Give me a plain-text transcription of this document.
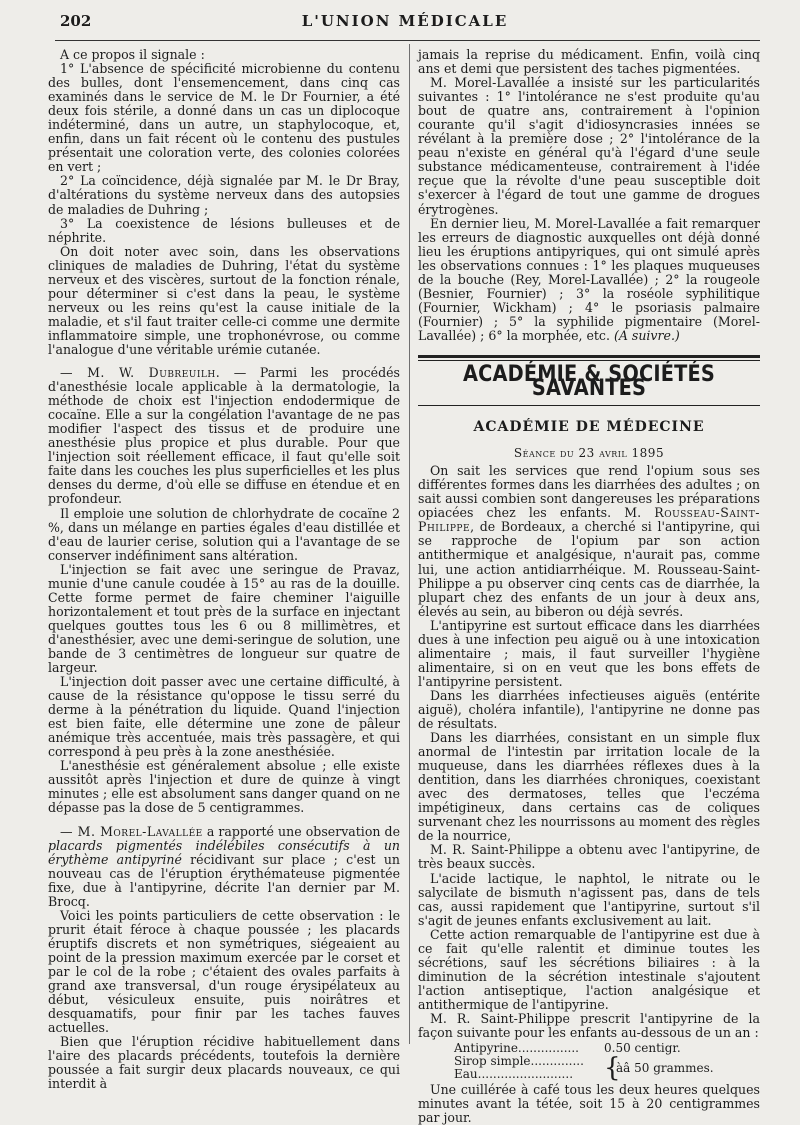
202	L'UNION MÉDICALE

A ce propos il signale :

1° L'absence de spécificité microbienne du contenu des bulles, dont l'ensemencement, dans cinq cas examinés dans le service de M. le Dr Fournier, a été deux fois stérile, a donné dans un cas un diplocoque indéterminé, dans un autre, un staphylocoque, et, enfin, dans un fait récent où le contenu des pustules présentait une coloration verte, des colonies colorées en vert ;

2° La coïncidence, déjà signalée par M. le Dr Bray, d'altérations du système nerveux dans des autopsies de maladies de Duhring ;

3° La coexistence de lésions bulleuses et de néphrite.

On doit noter avec soin, dans les observations cliniques de maladies de Duhring, l'état du système nerveux et des viscères, surtout de la fonction rénale, pour déterminer si c'est dans la peau, le système nerveux ou les reins qu'est la cause initiale de la maladie, et s'il faut traiter celle-ci comme une dermite inflammatoire simple, une trophonévrose, ou comme l'analogue d'une véritable urémie cutanée.

— M. W. Dubreuilh. — Parmi les procédés d'anesthésie locale applicable à la dermatologie, la méthode de choix est l'injection endodermique de cocaïne. Elle a sur la congélation l'avantage de ne pas modifier l'aspect des tissus et de produire une anesthésie plus propice et plus durable. Pour que l'injection soit réellement efficace, il faut qu'elle soit faite dans les couches les plus superficielles et les plus denses du derme, d'où elle se diffuse en étendue et en profondeur.

Il emploie une solution de chlorhydrate de cocaïne 2 %, dans un mélange en parties égales d'eau distillée et d'eau de laurier cerise, solution qui a l'avantage de se conserver indéfiniment sans altération.

L'injection se fait avec une seringue de Pravaz, munie d'une canule coudée à 15° au ras de la douille. Cette forme permet de faire cheminer l'aiguille horizontalement et tout près de la surface en injectant quelques gouttes tous les 6 ou 8 millimètres, et d'anesthésier, avec une demi-seringue de solution, une bande de 3 centimètres de longueur sur quatre de largeur.

L'injection doit passer avec une certaine difficulté, à cause de la résistance qu'oppose le tissu serré du derme à la pénétration du liquide. Quand l'injection est bien faite, elle détermine une zone de pâleur anémique très accentuée, mais très passagère, et qui correspond à peu près à la zone anesthésiée.

L'anesthésie est généralement absolue ; elle existe aussitôt après l'injection et dure de quinze à vingt minutes ; elle est absolument sans danger quand on ne dépasse pas la dose de 5 centigrammes.

— M. Morel-Lavallée a rapporté une observation de placards pigmentés indélébiles consécutifs à un érythème antipyriné récidivant sur place ; c'est un nouveau cas de l'éruption érythémateuse pigmentée fixe, due à l'antipyrine, décrite l'an dernier par M. Brocq.

Voici les points particuliers de cette observation : le prurit était féroce à chaque poussée ; les placards éruptifs discrets et non symétriques, siégeaient au point de la pression maximum exercée par le corset et par le col de la robe ; c'étaient des ovales parfaits à grand axe transversal, d'un rouge érysipélateux au début, vésiculeux ensuite, puis noirâtres et desquamatifs, pour finir par les taches fauves actuelles.

Bien que l'éruption récidive habituellement dans l'aire des placards précédents, toutefois la dernière poussée a fait surgir deux placards nouveaux, ce qui interdit à

jamais la reprise du médicament. Enfin, voilà cinq ans et demi que persistent des taches pigmentées.

M. Morel-Lavallée a insisté sur les particularités suivantes : 1° l'intolérance ne s'est produite qu'au bout de quatre ans, contrairement à l'opinion courante qu'il s'agit d'idiosyncrasies innées se révélant à la première dose ; 2° l'intolérance de la peau n'existe en général qu'à l'égard d'une seule substance médicamenteuse, contrairement à l'idée reçue que la révolte d'une peau susceptible doit s'exercer à l'égard de tout une gamme de drogues érytrogènes.

En dernier lieu, M. Morel-Lavallée a fait remarquer les erreurs de diagnostic auxquelles ont déjà donné lieu les éruptions antipyriques, qui ont simulé après les observations connues : 1° les plaques muqueuses de la bouche (Rey, Morel-Lavallée) ; 2° la rougeole (Besnier, Fournier) ; 3° la roséole syphilitique (Fournier, Wickham) ; 4° le psoriasis palmaire (Fournier) ; 5° la syphilide pigmentaire (Morel-Lavallée) ; 6° la morphée, etc. (A suivre.)

ACADÉMIE & SOCIÉTÉS SAVANTES
ACADÉMIE DE MÉDECINE
Séance du 23 avril 1895

On sait les services que rend l'opium sous ses différentes formes dans les diarrhées des adultes ; on sait aussi combien sont dangereuses les préparations opiacées chez les enfants. M. Rousseau-Saint-Philippe, de Bordeaux, a cherché si l'antipyrine, qui se rapproche de l'opium par son action antithermique et analgésique, n'aurait pas, comme lui, une action antidiarrhéique. M. Rousseau-Saint-Philippe a pu observer cinq cents cas de diarrhée, la plupart chez des enfants de un jour à deux ans, élevés au sein, au biberon ou déjà sevrés.

L'antipyrine est surtout efficace dans les diarrhées dues à une infection peu aiguë ou à une intoxication alimentaire ; mais, il faut surveiller l'hygiène alimentaire, si on en veut que les bons effets de l'antipyrine persistent.

Dans les diarrhées infectieuses aiguës (entérite aiguë), choléra infantile), l'antipyrine ne donne pas de résultats.

Dans les diarrhées, consistant en un simple flux anormal de l'intestin par irritation locale de la muqueuse, dans les diarrhées réflexes dues à la dentition, dans les diarrhées chroniques, coexistant avec des dermatoses, telles que l'eczéma impétigineux, dans certains cas de coliques survenant chez les nourrissons au moment des règles de la nourrice,

M. R. Saint-Philippe a obtenu avec l'antipyrine, de très beaux succès.

L'acide lactique, le naphtol, le nitrate ou le salycilate de bismuth n'agissent pas, dans de tels cas, aussi rapidement que l'antipyrine, surtout s'il s'agit de jeunes enfants exclusivement au lait.

Cette action remarquable de l'antipyrine est due à ce fait qu'elle ralentit et diminue toutes les sécrétions, sauf les sécrétions biliaires : à la diminution de la sécrétion intestinale s'ajoutent l'action antiseptique, l'action analgésique et antithermique de l'antipyrine.

M. R. Saint-Philippe prescrit l'antipyrine de la façon suivante pour les enfants au-dessous de un an :

Antipyrine................	0.50 centigr.
Sirop simple..............
Eau.........................	{
àâ 50 grammes.

Une cuillérée à café tous les deux heures quelques minutes avant la tétée, soit 15 à 20 centigrammes par jour.
